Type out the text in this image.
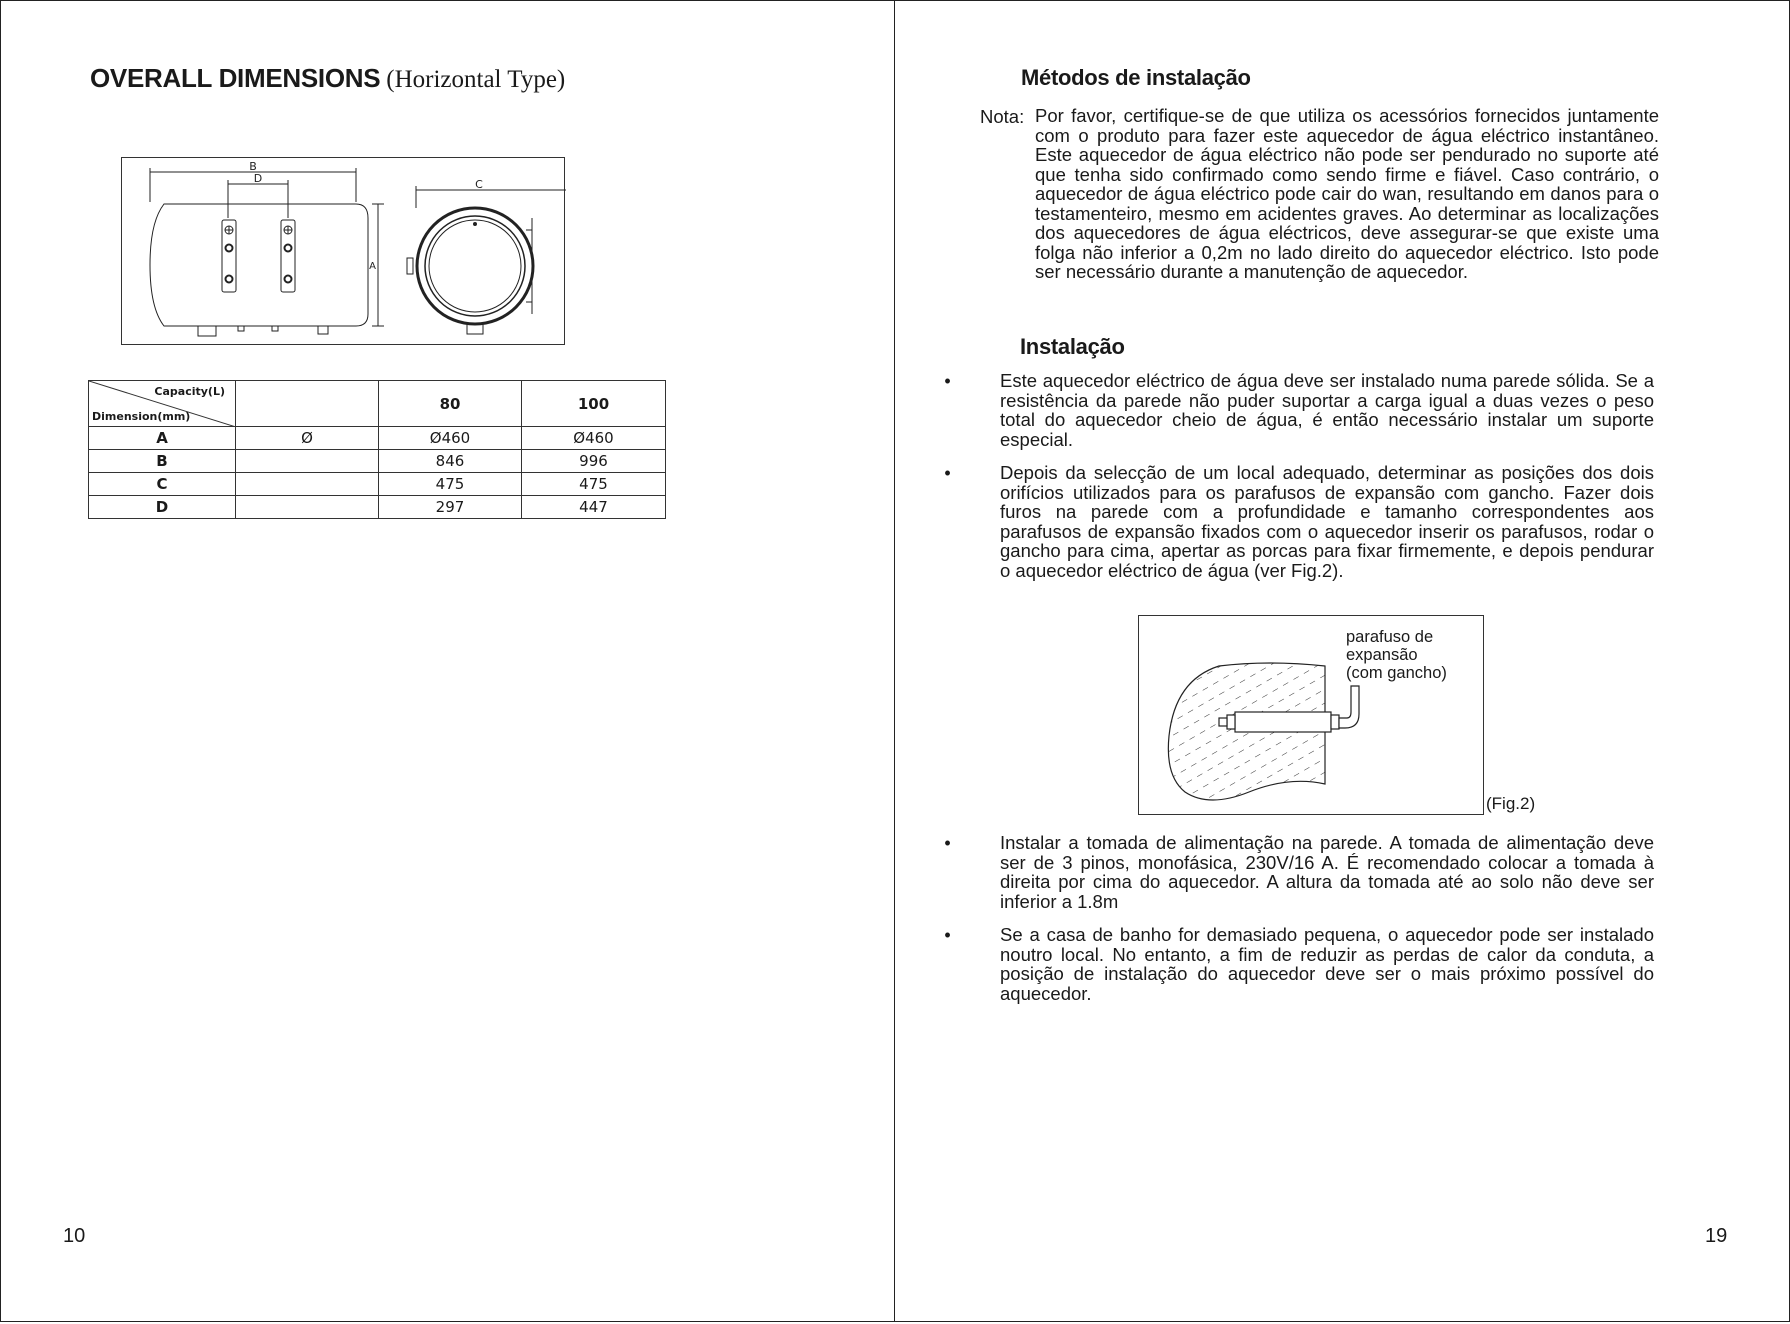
OVERALL DIMENSIONS (Horizontal Type)
B
D	C
A
Capacity(L)
Dimension(mm)		80	100
A	Ø	Ø460	Ø460
B		846	996
C		475	475
D		297	447
10
Métodos de instalação
Nota: Por favor, certifique-se de que utiliza os acessórios fornecidos juntamente com o produto para fazer este aquecedor de água eléctrico instantâneo. Este aquecedor de água eléctrico não pode ser pendurado no suporte até que tenha sido confirmado como sendo firme e fiável. Caso contrário, o aquecedor de água eléctrico pode cair do wan, resultando em danos para o testamenteiro, mesmo em acidentes graves. Ao determinar as localizações dos aquecedores de água eléctricos, deve assegurar-se que existe uma folga não inferior a 0,2m no lado direito do aquecedor eléctrico. Isto pode ser necessário durante a manutenção de aquecedor.
Instalação
•	Este aquecedor eléctrico de água deve ser instalado numa parede sólida. Se a resistência da parede não puder suportar a carga igual a duas vezes o peso total do aquecedor cheio de água, é então necessário instalar um suporte especial.
•	Depois da selecção de um local adequado, determinar as posições dos dois orifícios utilizados para os parafusos de expansão com gancho. Fazer dois furos na parede com a profundidade e tamanho correspondentes aos parafusos de expansão fixados com o aquecedor inserir os parafusos, rodar o gancho para cima, apertar as porcas para fixar firmemente, e depois pendurar o aquecedor eléctrico de água (ver Fig.2).
parafuso de
expansão
(com gancho)
(Fig.2)
•	Instalar a tomada de alimentação na parede. A tomada de alimentação deve ser de 3 pinos, monofásica, 230V/16 A. É recomendado colocar a tomada à direita por cima do aquecedor. A altura da tomada até ao solo não deve ser inferior a 1.8m
•	Se a casa de banho for demasiado pequena, o aquecedor pode ser instalado noutro local. No entanto, a fim de reduzir as perdas de calor da conduta, a posição de instalação do aquecedor deve ser o mais próximo possível do aquecedor.
19
